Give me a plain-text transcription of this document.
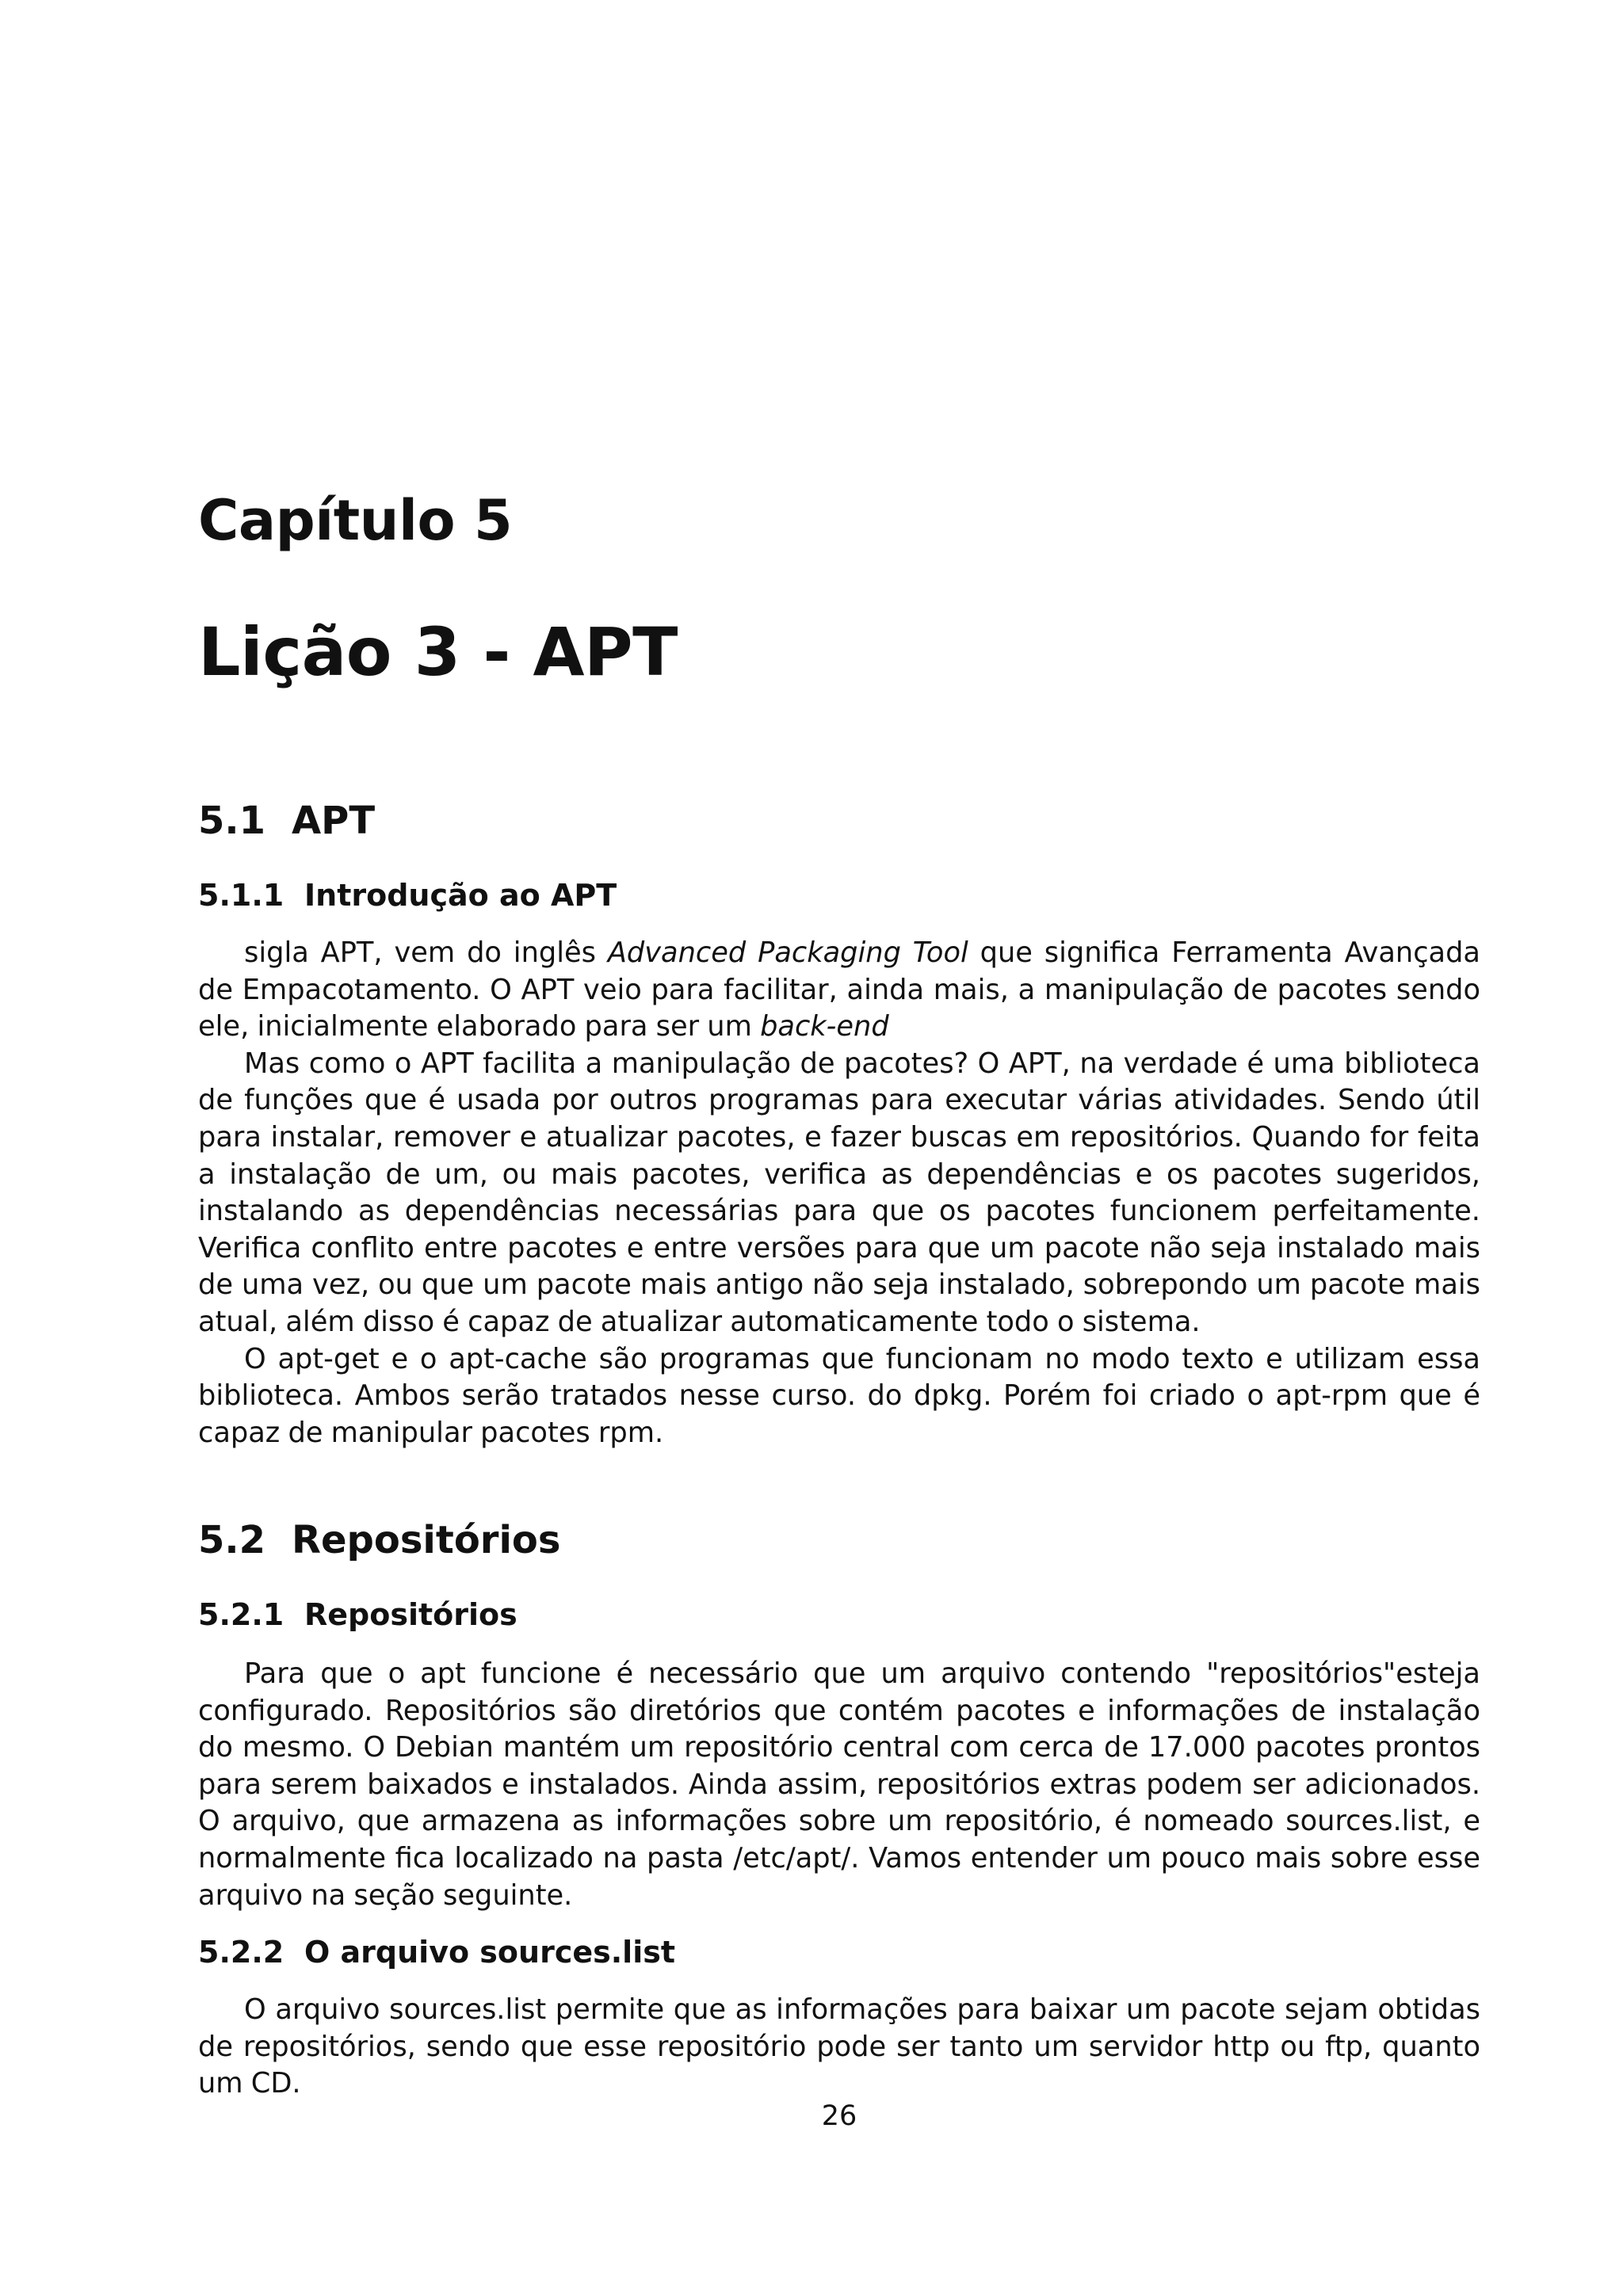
Capítulo 5
Lição 3 - APT
5.1 APT
5.1.1 Introdução ao APT

sigla APT, vem do inglês Advanced Packaging Tool que significa Ferramenta Avançada de Empacotamento. O APT veio para facilitar, ainda mais, a manipulação de pacotes sendo ele, inicialmente elaborado para ser um back-end

Mas como o APT facilita a manipulação de pacotes? O APT, na verdade é uma biblioteca de funções que é usada por outros programas para executar várias atividades. Sendo útil para instalar, remover e atualizar pacotes, e fazer buscas em repositórios. Quando for feita a instalação de um, ou mais pacotes, verifica as dependências e os pacotes sugeridos, instalando as dependências necessárias para que os pacotes funcionem perfeitamente. Verifica conflito entre pacotes e entre versões para que um pacote não seja instalado mais de uma vez, ou que um pacote mais antigo não seja instalado, sobrepondo um pacote mais atual, além disso é capaz de atualizar automaticamente todo o sistema.

O apt-get e o apt-cache são programas que funcionam no modo texto e utilizam essa biblioteca. Ambos serão tratados nesse curso. do dpkg. Porém foi criado o apt-rpm que é capaz de manipular pacotes rpm.

5.2 Repositórios
5.2.1 Repositórios

Para que o apt funcione é necessário que um arquivo contendo "repositórios"esteja configurado. Repositórios são diretórios que contém pacotes e informações de instalação do mesmo. O Debian mantém um repositório central com cerca de 17.000 pacotes prontos para serem baixados e instalados. Ainda assim, repositórios extras podem ser adicionados. O arquivo, que armazena as informações sobre um repositório, é nomeado sources.list, e normalmente fica localizado na pasta /etc/apt/. Vamos entender um pouco mais sobre esse arquivo na seção seguinte.

5.2.2 O arquivo sources.list

O arquivo sources.list permite que as informações para baixar um pacote sejam obtidas de repositórios, sendo que esse repositório pode ser tanto um servidor http ou ftp, quanto um CD.

26
